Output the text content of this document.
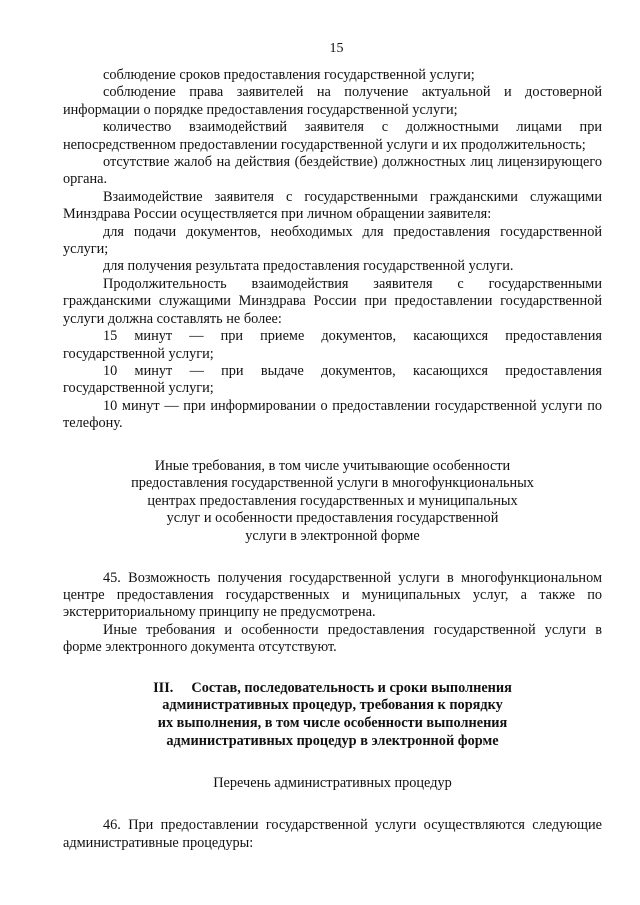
15

соблюдение сроков предоставления государственной услуги;

соблюдение права заявителей на получение актуальной и достоверной информации о порядке предоставления государственной услуги;

количество взаимодействий заявителя с должностными лицами при непосредственном предоставлении государственной услуги и их продолжительность;

отсутствие жалоб на действия (бездействие) должностных лиц лицензирующего органа.

Взаимодействие заявителя с государственными гражданскими служащими Минздрава России осуществляется при личном обращении заявителя:

для подачи документов, необходимых для предоставления государственной услуги;

для получения результата предоставления государственной услуги.

Продолжительность взаимодействия заявителя с государственными гражданскими служащими Минздрава России при предоставлении государственной услуги должна составлять не более:

15 минут — при приеме документов, касающихся предоставления государственной услуги;

10 минут — при выдаче документов, касающихся предоставления государственной услуги;

10 минут — при информировании о предоставлении государственной услуги по телефону.

Иные требования, в том числе учитывающие особенности
предоставления государственной услуги в многофункциональных
центрах предоставления государственных и муниципальных
услуг и особенности предоставления государственной
услуги в электронной форме

45. Возможность получения государственной услуги в многофункциональном центре предоставления государственных и муниципальных услуг, а также по экстерриториальному принципу не предусмотрена.

Иные требования и особенности предоставления государственной услуги в форме электронного документа отсутствуют.

III. Состав, последовательность и сроки выполнения
административных процедур, требования к порядку
их выполнения, в том числе особенности выполнения
административных процедур в электронной форме
Перечень административных процедур

46. При предоставлении государственной услуги осуществляются следующие административные процедуры:
